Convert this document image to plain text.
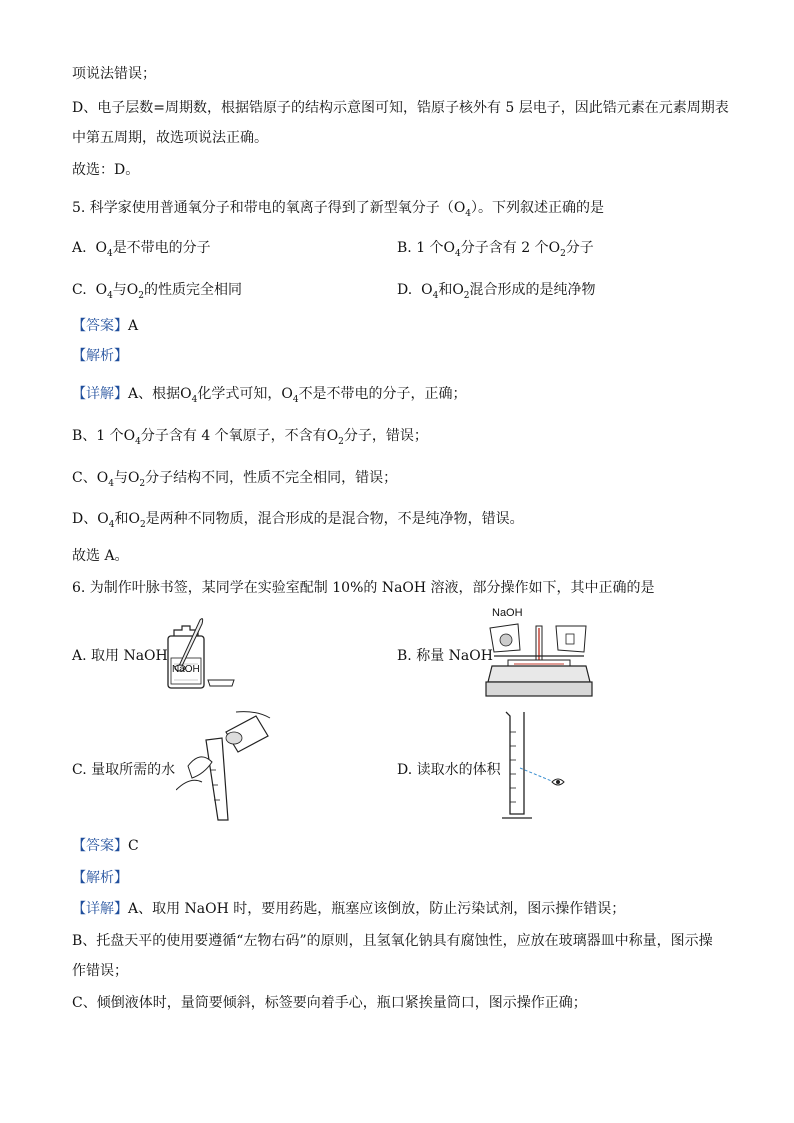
项说法错误；
D、电子层数=周期数，根据锆原子的结构示意图可知，锆原子核外有 5 层电子，因此锆元素在元素周期表
中第五周期，故选项说法正确。
故选：D。
5. 科学家使用普通氧分子和带电的氧离子得到了新型氧分子$(O_4)$。下列叙述正确的是
A. $O_4$是不带电的分子	B. 1 个$O_4$分子含有 2 个$O_2$分子
C. $O_4$与$O_2$的性质完全相同	D. $O_4$和$O_2$混合形成的是纯净物
【答案】A
【解析】
【详解】A、根据$O_4$化学式可知，$O_4$不是不带电的分子，正确；
B、1 个$O_4$分子含有 4 个氧原子，不含有$O_2$分子，错误；
C、$O_4$与$O_2$分子结构不同，性质不完全相同，错误；
D、$O_4$和$O_2$是两种不同物质，混合形成的是混合物，不是纯净物，错误。
故选 A。
6. 为制作叶脉书签，某同学在实验室配制 10%的 NaOH 溶液，部分操作如下，其中正确的是
A. 取用 NaOH	B. 称量 NaOH
C. 量取所需的水	D. 读取水的体积
NaOH
NaOH
【答案】C
【解析】
【详解】A、取用 NaOH 时，要用药匙，瓶塞应该倒放，防止污染试剂，图示操作错误；
B、托盘天平的使用要遵循“左物右码”的原则，且氢氧化钠具有腐蚀性，应放在玻璃器皿中称量，图示操
作错误；
C、倾倒液体时，量筒要倾斜，标签要向着手心，瓶口紧挨量筒口，图示操作正确；
